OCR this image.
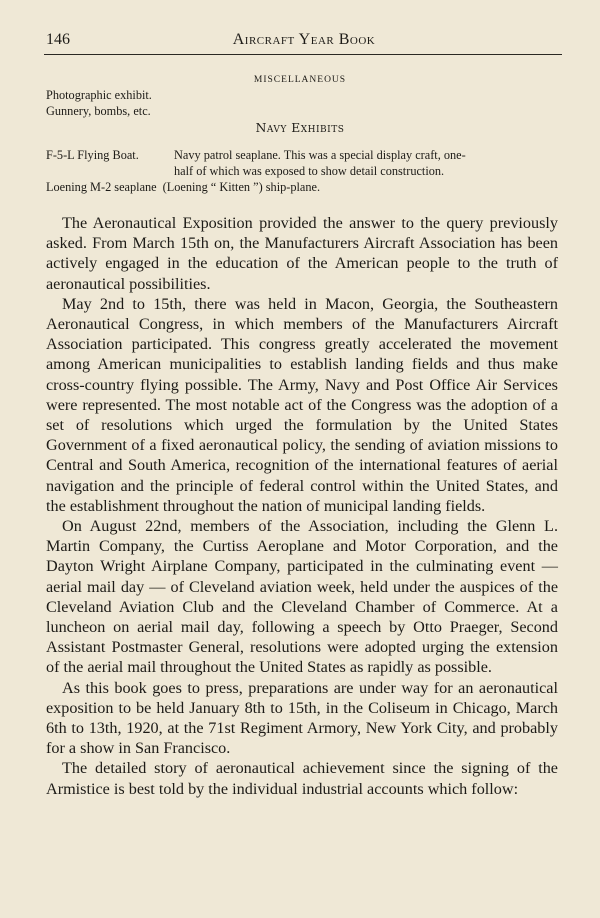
146	Aircraft Year Book
MISCELLANEOUS
Photographic exhibit.
Gunnery, bombs, etc.
Navy Exhibits
F-5-L Flying Boat.	Navy patrol seaplane. This was a special display craft, one-
half of which was exposed to show detail construction.
Loening M-2 seaplane (Loening “ Kitten ”) ship-plane.

The Aeronautical Exposition provided the answer to the query previously asked. From March 15th on, the Manufacturers Aircraft Association has been actively engaged in the education of the American people to the truth of aeronautical possibilities.

May 2nd to 15th, there was held in Macon, Georgia, the Southeastern Aeronautical Congress, in which members of the Manufacturers Aircraft Association participated. This congress greatly accelerated the movement among American municipalities to establish landing fields and thus make cross-country flying possible. The Army, Navy and Post Office Air Services were represented. The most notable act of the Congress was the adoption of a set of resolutions which urged the formulation by the United States Government of a fixed aeronautical policy, the sending of aviation missions to Central and South America, recognition of the international features of aerial navigation and the principle of federal control within the United States, and the establishment throughout the nation of municipal landing fields.

On August 22nd, members of the Association, including the Glenn L. Martin Company, the Curtiss Aeroplane and Motor Corporation, and the Dayton Wright Airplane Company, participated in the culminating event — aerial mail day — of Cleveland aviation week, held under the auspices of the Cleveland Aviation Club and the Cleveland Chamber of Commerce. At a luncheon on aerial mail day, following a speech by Otto Praeger, Second Assistant Postmaster General, resolutions were adopted urging the extension of the aerial mail throughout the United States as rapidly as possible.

As this book goes to press, preparations are under way for an aeronautical exposition to be held January 8th to 15th, in the Coliseum in Chicago, March 6th to 13th, 1920, at the 71st Regiment Armory, New York City, and probably for a show in San Francisco.

The detailed story of aeronautical achievement since the signing of the Armistice is best told by the individual industrial accounts which follow:
